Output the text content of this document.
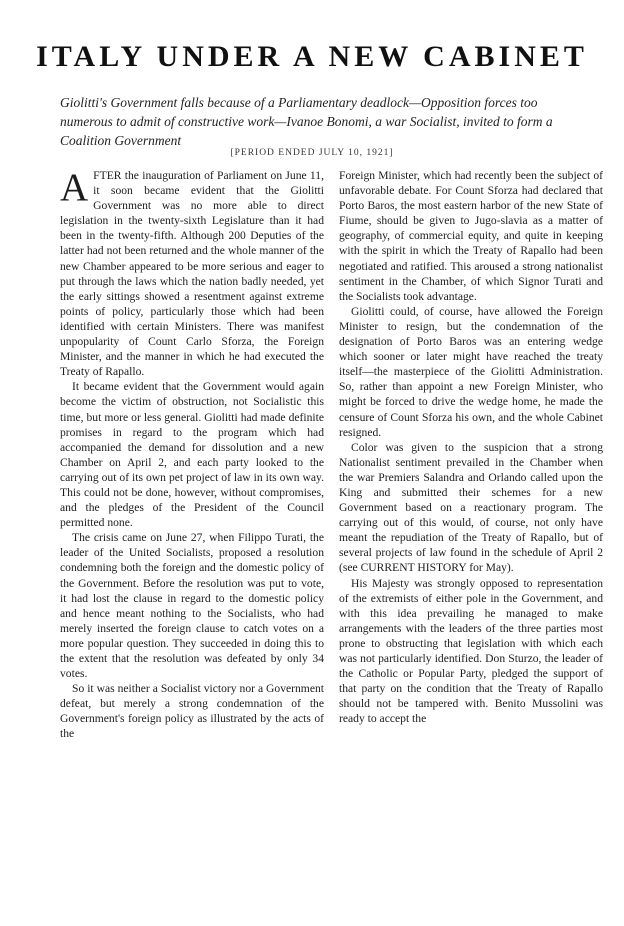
ITALY UNDER A NEW CABINET
Giolitti's Government falls because of a Parliamentary deadlock—Opposition forces too numerous to admit of constructive work—Ivanoe Bonomi, a war Socialist, invited to form a Coalition Government
[PERIOD ENDED JULY 10, 1921]

AFTER the inauguration of Parliament on June 11, it soon became evident that the Giolitti Government was no more able to direct legislation in the twenty-sixth Legislature than it had been in the twenty-fifth. Although 200 Deputies of the latter had not been returned and the whole manner of the new Chamber appeared to be more serious and eager to put through the laws which the nation badly needed, yet the early sittings showed a resentment against extreme points of policy, particularly those which had been identified with certain Ministers. There was manifest unpopularity of Count Carlo Sforza, the Foreign Minister, and the manner in which he had executed the Treaty of Rapallo.

It became evident that the Government would again become the victim of obstruction, not Socialistic this time, but more or less general. Giolitti had made definite promises in regard to the program which had accompanied the demand for dissolution and a new Chamber on April 2, and each party looked to the carrying out of its own pet project of law in its own way. This could not be done, however, without compromises, and the pledges of the President of the Council permitted none.

The crisis came on June 27, when Filippo Turati, the leader of the United Socialists, proposed a resolution condemning both the foreign and the domestic policy of the Government. Before the resolution was put to vote, it had lost the clause in regard to the domestic policy and hence meant nothing to the Socialists, who had merely inserted the foreign clause to catch votes on a more popular question. They succeeded in doing this to the extent that the resolution was defeated by only 34 votes.

So it was neither a Socialist victory nor a Government defeat, but merely a strong condemnation of the Government's foreign policy as illustrated by the acts of the

Foreign Minister, which had recently been the subject of unfavorable debate. For Count Sforza had declared that Porto Baros, the most eastern harbor of the new State of Fiume, should be given to Jugo-slavia as a matter of geography, of commercial equity, and quite in keeping with the spirit in which the Treaty of Rapallo had been negotiated and ratified. This aroused a strong nationalist sentiment in the Chamber, of which Signor Turati and the Socialists took advantage.

Giolitti could, of course, have allowed the Foreign Minister to resign, but the condemnation of the designation of Porto Baros was an entering wedge which sooner or later might have reached the treaty itself—the masterpiece of the Giolitti Administration. So, rather than appoint a new Foreign Minister, who might be forced to drive the wedge home, he made the censure of Count Sforza his own, and the whole Cabinet resigned.

Color was given to the suspicion that a strong Nationalist sentiment prevailed in the Chamber when the war Premiers Salandra and Orlando called upon the King and submitted their schemes for a new Government based on a reactionary program. The carrying out of this would, of course, not only have meant the repudiation of the Treaty of Rapallo, but of several projects of law found in the schedule of April 2 (see CURRENT HISTORY for May).

His Majesty was strongly opposed to representation of the extremists of either pole in the Government, and with this idea prevailing he managed to make arrangements with the leaders of the three parties most prone to obstructing that legislation with which each was not particularly identified. Don Sturzo, the leader of the Catholic or Popular Party, pledged the support of that party on the condition that the Treaty of Rapallo should not be tampered with. Benito Mussolini was ready to accept the
